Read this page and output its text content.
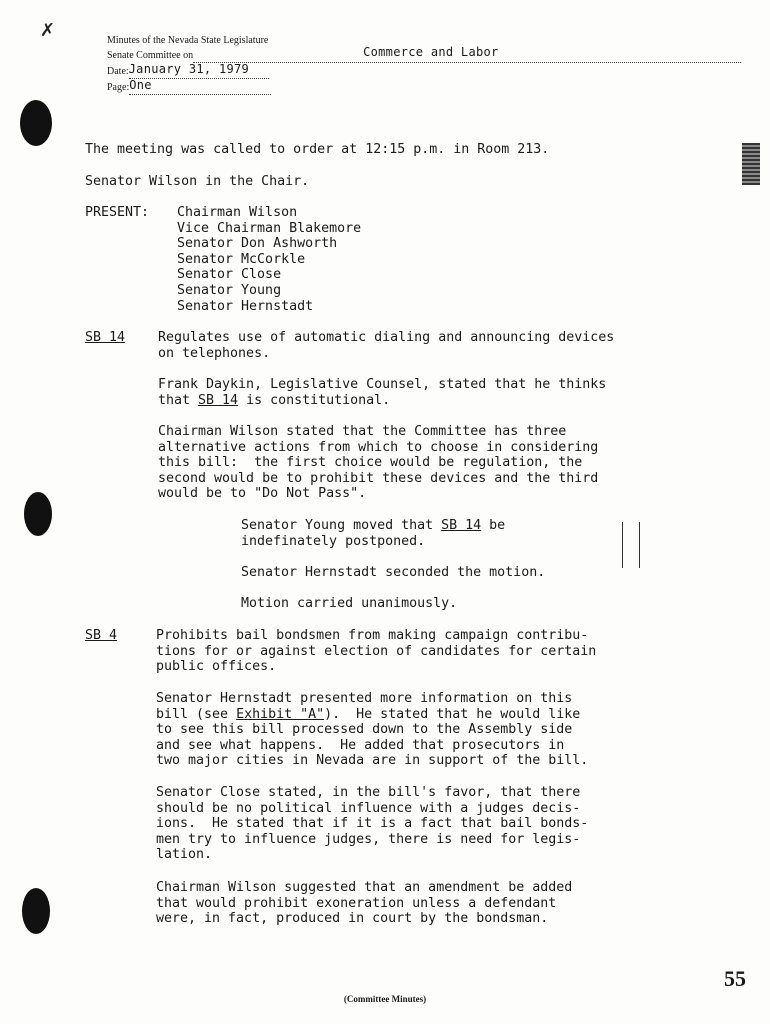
✗
Minutes of the Nevada State Legislature
Senate Committee on	Commerce and Labor
Date:January 31, 1979
Page:One
The meeting was called to order at 12:15 p.m. in Room 213.
Senator Wilson in the Chair.
PRESENT: Chairman Wilson
Vice Chairman Blakemore
Senator Don Ashworth
Senator McCorkle
Senator Close
Senator Young
Senator Hernstadt
SB 14 Regulates use of automatic dialing and announcing devices
on telephones.
Frank Daykin, Legislative Counsel, stated that he thinks
that SB 14 is constitutional.
Chairman Wilson stated that the Committee has three
alternative actions from which to choose in considering
this bill:  the first choice would be regulation, the
second would be to prohibit these devices and the third
would be to "Do Not Pass".
Senator Young moved that SB 14 be
indefinately postponed.
Senator Hernstadt seconded the motion.
Motion carried unanimously.
SB 4	Prohibits bail bondsmen from making campaign contribu-
tions for or against election of candidates for certain
public offices.
Senator Hernstadt presented more information on this
bill (see Exhibit "A").  He stated that he would like
to see this bill processed down to the Assembly side
and see what happens.  He added that prosecutors in
two major cities in Nevada are in support of the bill.
Senator Close stated, in the bill's favor, that there
should be no political influence with a judges decis-
ions.  He stated that if it is a fact that bail bonds-
men try to influence judges, there is need for legis-
lation.
Chairman Wilson suggested that an amendment be added
that would prohibit exoneration unless a defendant
were, in fact, produced in court by the bondsman.
55
(Committee Minutes)
